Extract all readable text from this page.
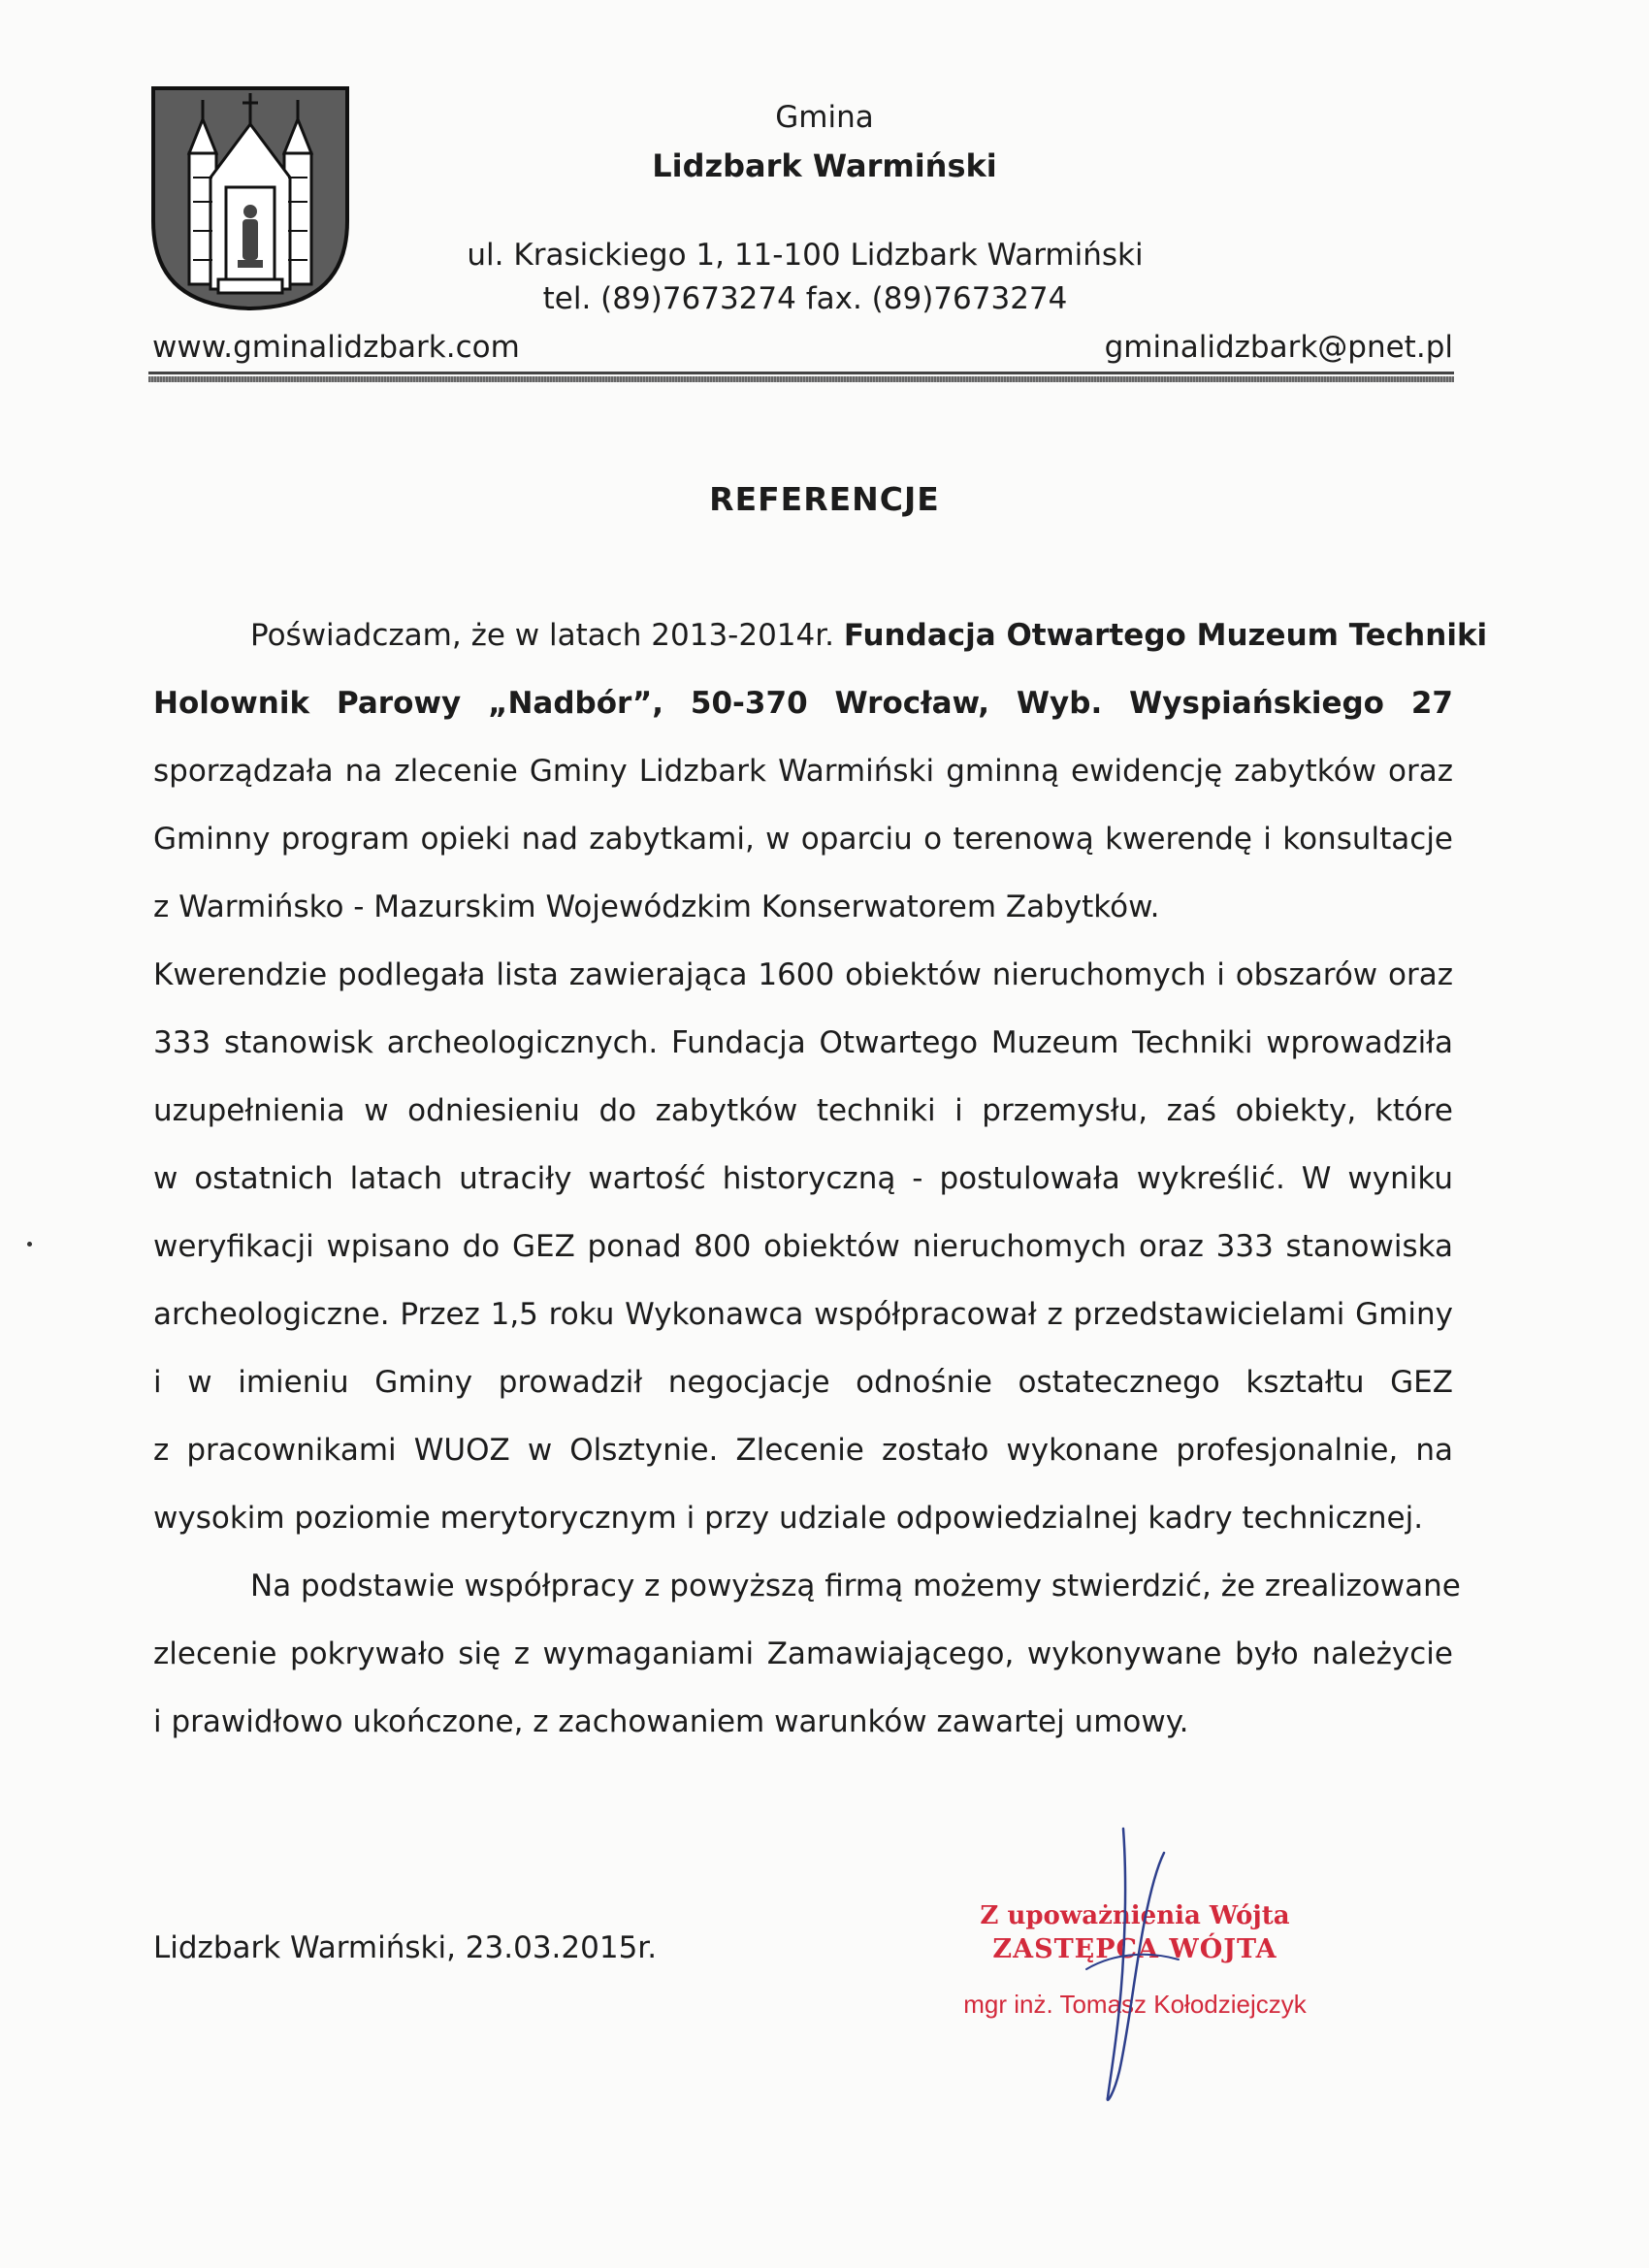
Gmina
Lidzbark Warmiński
ul. Krasickiego 1, 11-100 Lidzbark Warmiński
tel. (89)7673274 fax. (89)7673274
www.gminalidzbark.com	gminalidzbark@pnet.pl
REFERENCJE
Poświadczam, że w latach 2013-2014r. Fundacja Otwartego Muzeum Techniki
Holownik Parowy „Nadbór”, 50-370 Wrocław, Wyb. Wyspiańskiego 27
sporządzała na zlecenie Gminy Lidzbark Warmiński gminną ewidencję zabytków oraz
Gminny program opieki nad zabytkami, w oparciu o terenową kwerendę i konsultacje
z Warmińsko - Mazurskim Wojewódzkim Konserwatorem Zabytków.
Kwerendzie podlegała lista zawierająca 1600 obiektów nieruchomych i obszarów oraz
333 stanowisk archeologicznych. Fundacja Otwartego Muzeum Techniki wprowadziła
uzupełnienia w odniesieniu do zabytków techniki i przemysłu, zaś obiekty, które
w ostatnich latach utraciły wartość historyczną - postulowała wykreślić. W wyniku
weryfikacji wpisano do GEZ ponad 800 obiektów nieruchomych oraz 333 stanowiska
archeologiczne. Przez 1,5 roku Wykonawca współpracował z przedstawicielami Gminy
i w imieniu Gminy prowadził negocjacje odnośnie ostatecznego kształtu GEZ
z pracownikami WUOZ w Olsztynie. Zlecenie zostało wykonane profesjonalnie, na
wysokim poziomie merytorycznym i przy udziale odpowiedzialnej kadry technicznej.
Na podstawie współpracy z powyższą firmą możemy stwierdzić, że zrealizowane
zlecenie pokrywało się z wymaganiami Zamawiającego, wykonywane było należycie
i prawidłowo ukończone, z zachowaniem warunków zawartej umowy.
Lidzbark Warmiński, 23.03.2015r.
Z upoważnienia Wójta
ZASTĘPCA WÓJTA
mgr inż. Tomasz Kołodziejczyk
